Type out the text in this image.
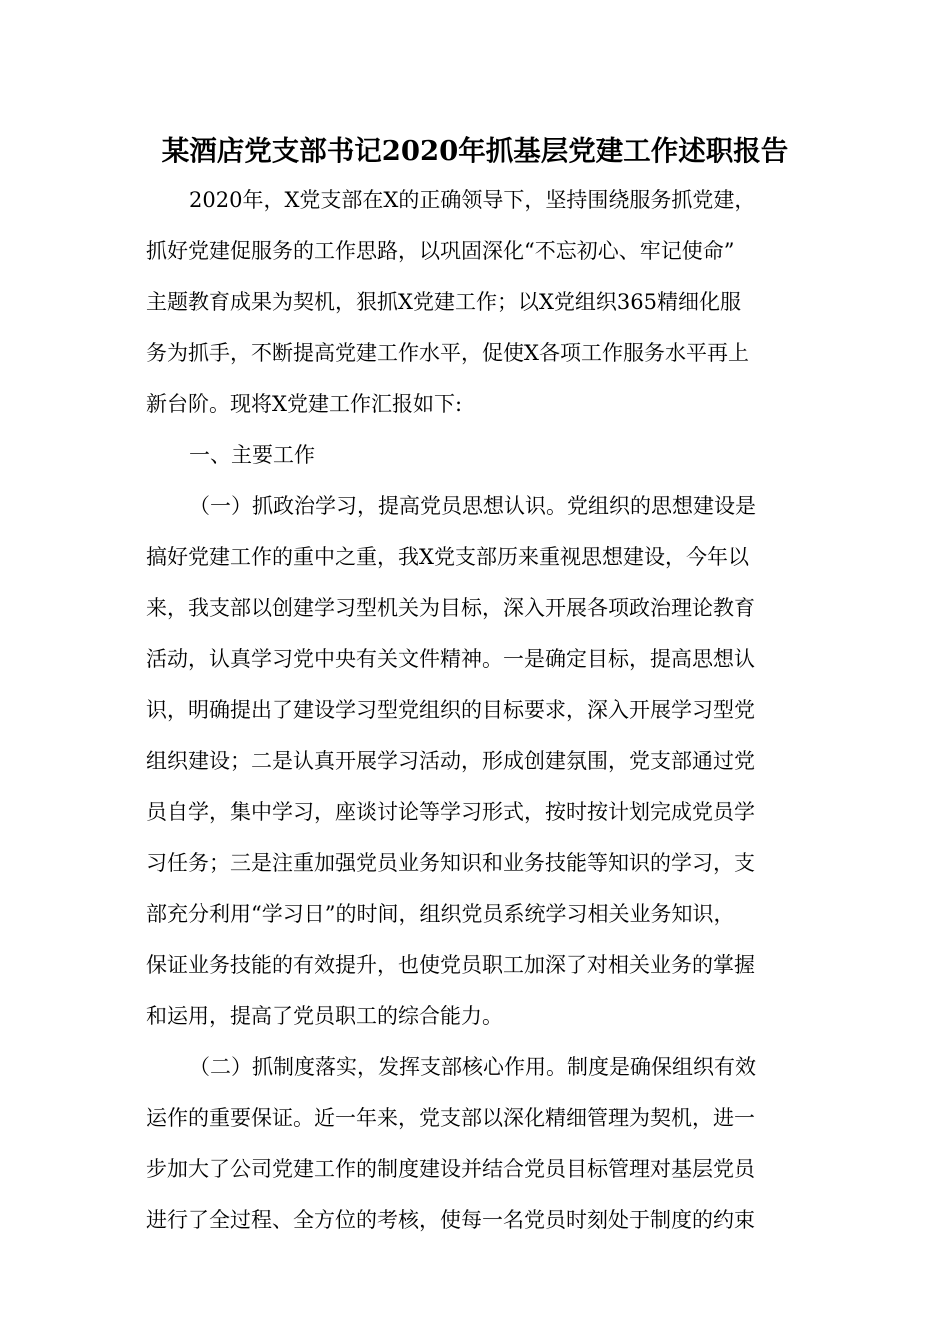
某酒店党支部书记2020年抓基层党建工作述职报告
2020年，X党支部在X的正确领导下，坚持围绕服务抓党建，
抓好党建促服务的工作思路，以巩固深化“不忘初心、牢记使命”
主题教育成果为契机，狠抓X党建工作；以X党组织365精细化服
务为抓手，不断提高党建工作水平，促使X各项工作服务水平再上
新台阶。现将X党建工作汇报如下:
一、主要工作
（一）抓政治学习，提高党员思想认识。党组织的思想建设是
搞好党建工作的重中之重，我X党支部历来重视思想建设，今年以
来，我支部以创建学习型机关为目标，深入开展各项政治理论教育
活动，认真学习党中央有关文件精神。一是确定目标，提高思想认
识，明确提出了建设学习型党组织的目标要求，深入开展学习型党
组织建设；二是认真开展学习活动，形成创建氛围，党支部通过党
员自学，集中学习，座谈讨论等学习形式，按时按计划完成党员学
习任务；三是注重加强党员业务知识和业务技能等知识的学习，支
部充分利用“学习日”的时间，组织党员系统学习相关业务知识，
保证业务技能的有效提升，也使党员职工加深了对相关业务的掌握
和运用，提高了党员职工的综合能力。
（二）抓制度落实，发挥支部核心作用。制度是确保组织有效
运作的重要保证。近一年来，党支部以深化精细管理为契机，进一
步加大了公司党建工作的制度建设并结合党员目标管理对基层党员
进行了全过程、全方位的考核，使每一名党员时刻处于制度的约束
